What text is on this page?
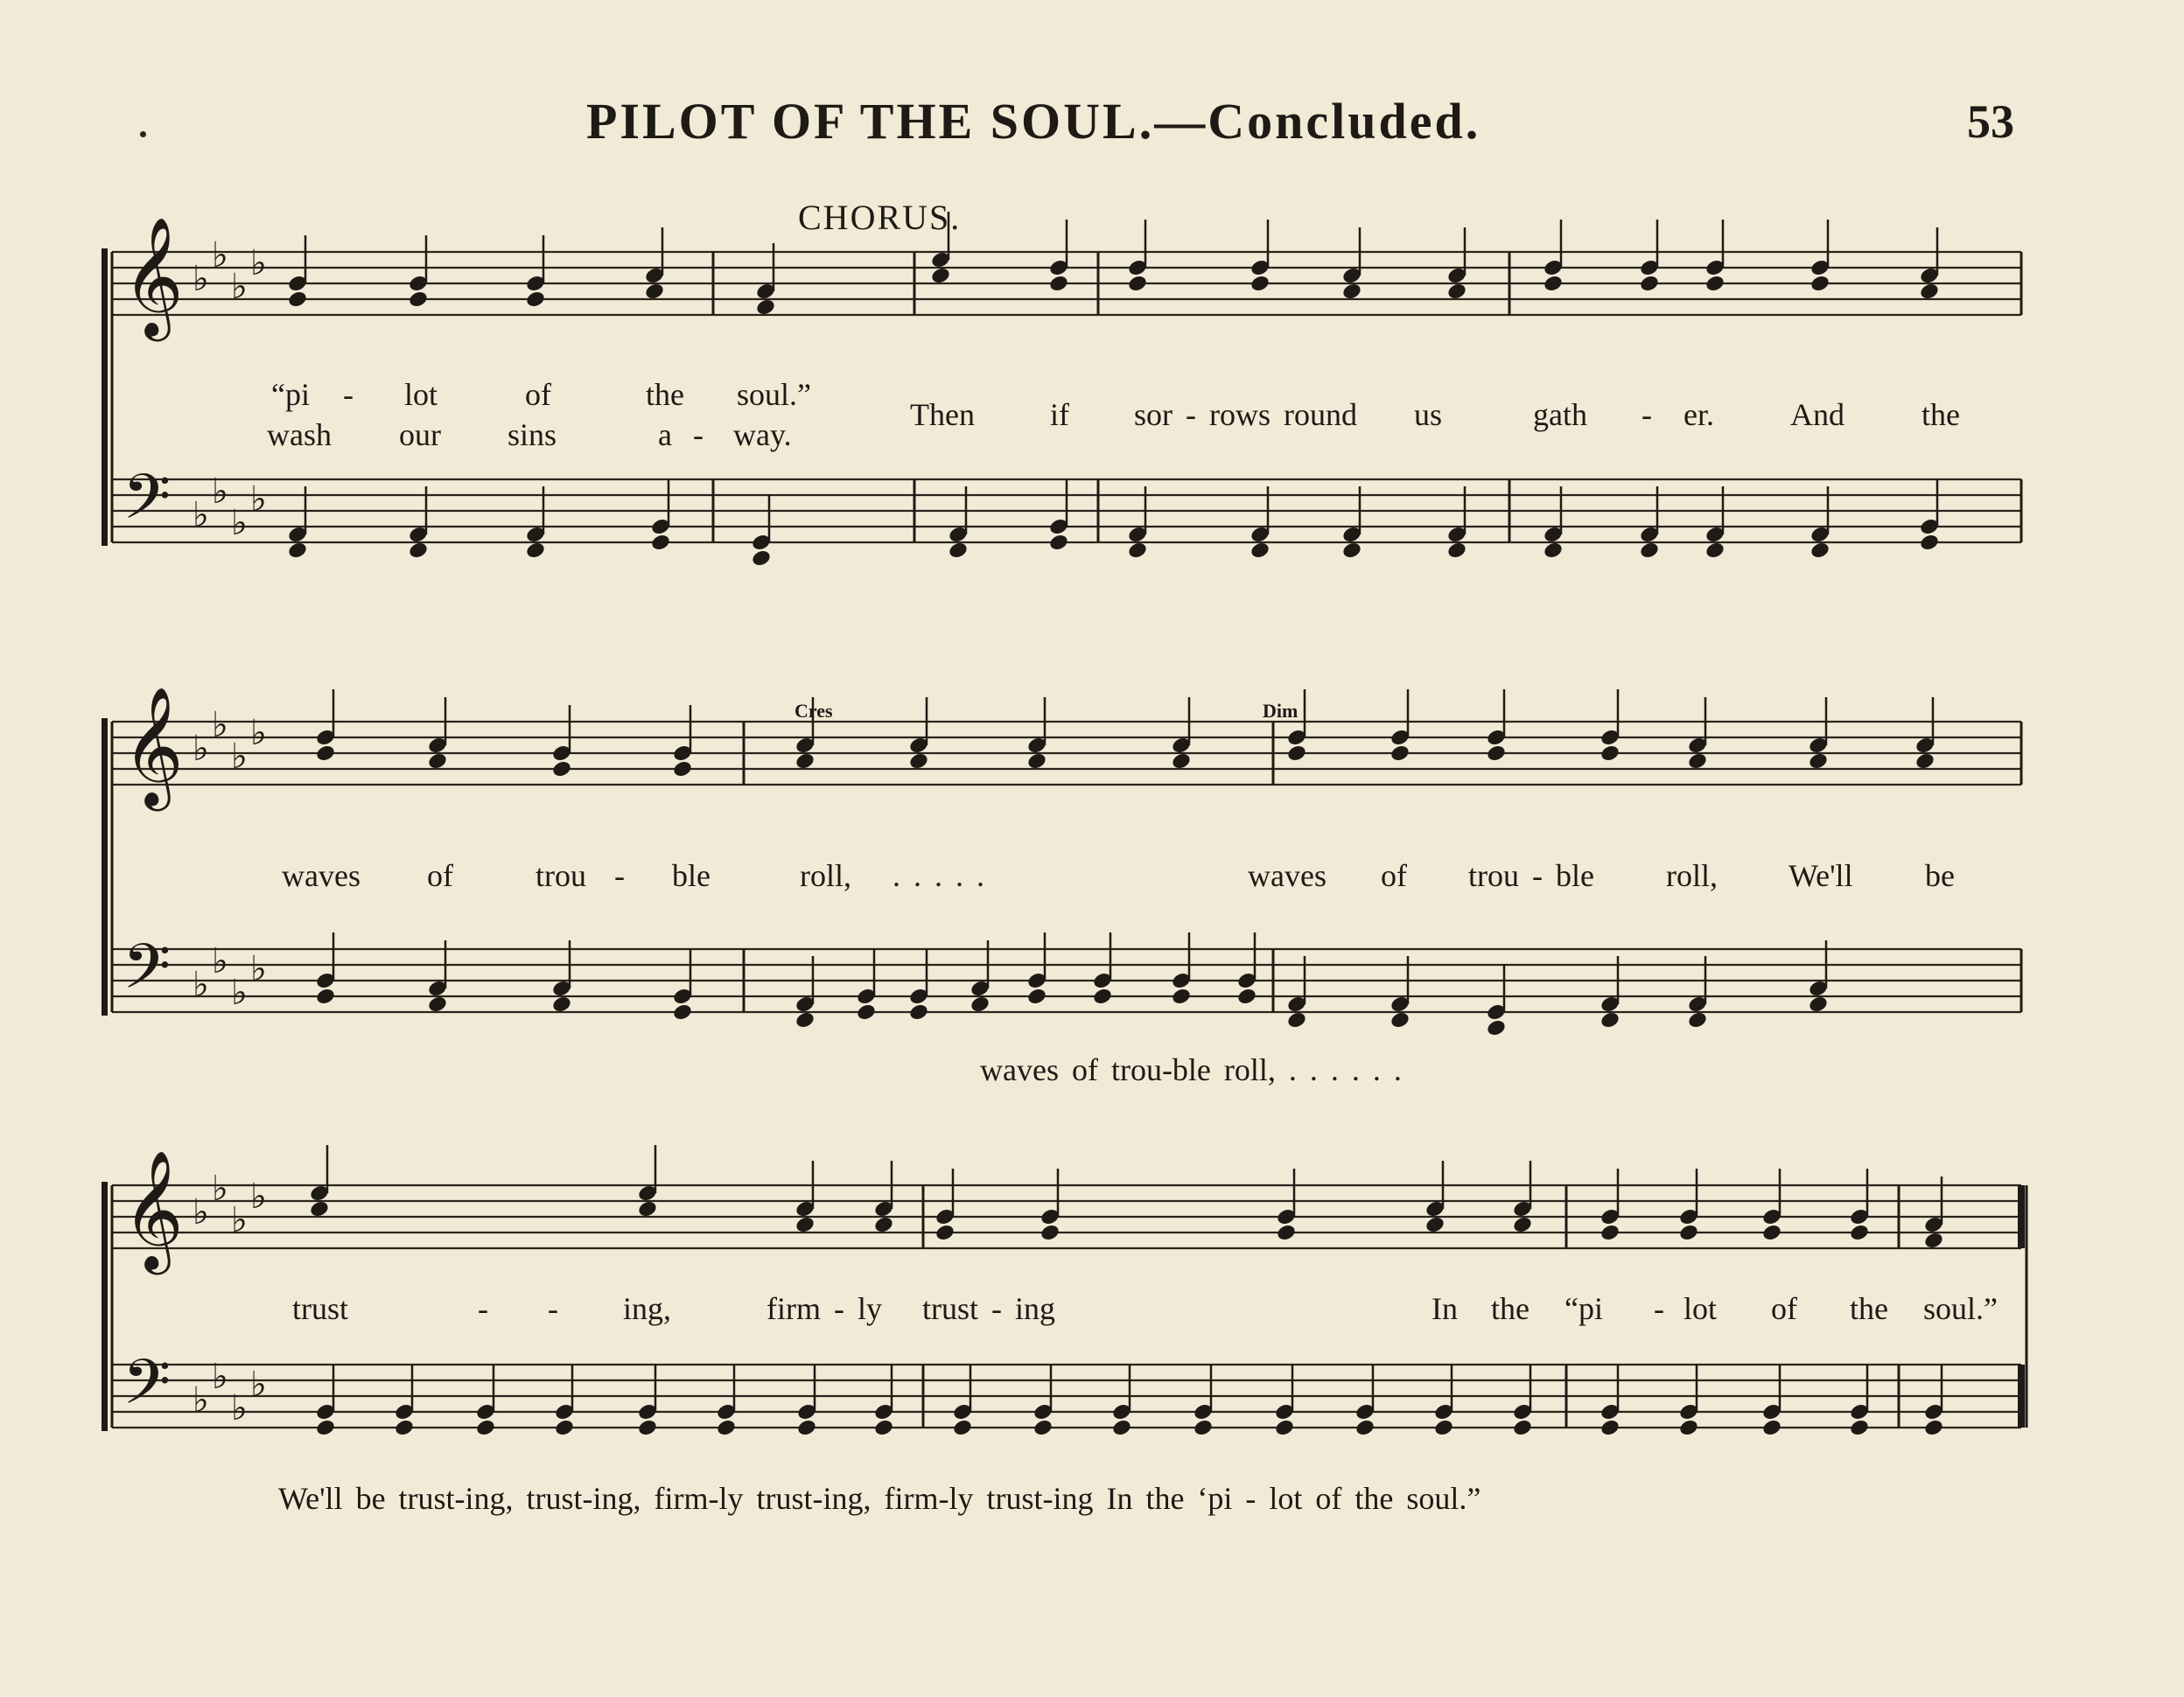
PILOT OF THE SOUL.—Concluded.	53
CHORUS.
𝄞 ♭
♭
♭
♭
𝄢 ♭
♭
♭
♭
𝄞 ♭
♭
♭
♭
𝄢 ♭
♭
♭
♭
𝄞 ♭
♭
♭
♭
𝄢 ♭
♭
♭
♭
“pi - lot	of	the soul.”
wash our sins	a - way.
Then if sor - rows round us	gath - er. And the
Cres	Dim
waves of	trou - ble	roll, . . . . .	waves of trou - ble roll, We'll be
waves of trou-ble roll, . . . . . .
trust	- - ing,	firm - ly trust - ing	In the “pi - lot of the soul.”
We'll be trust-ing, trust-ing, firm-ly trust-ing, firm-ly trust-ing In the ‘pi - lot of the soul.”
